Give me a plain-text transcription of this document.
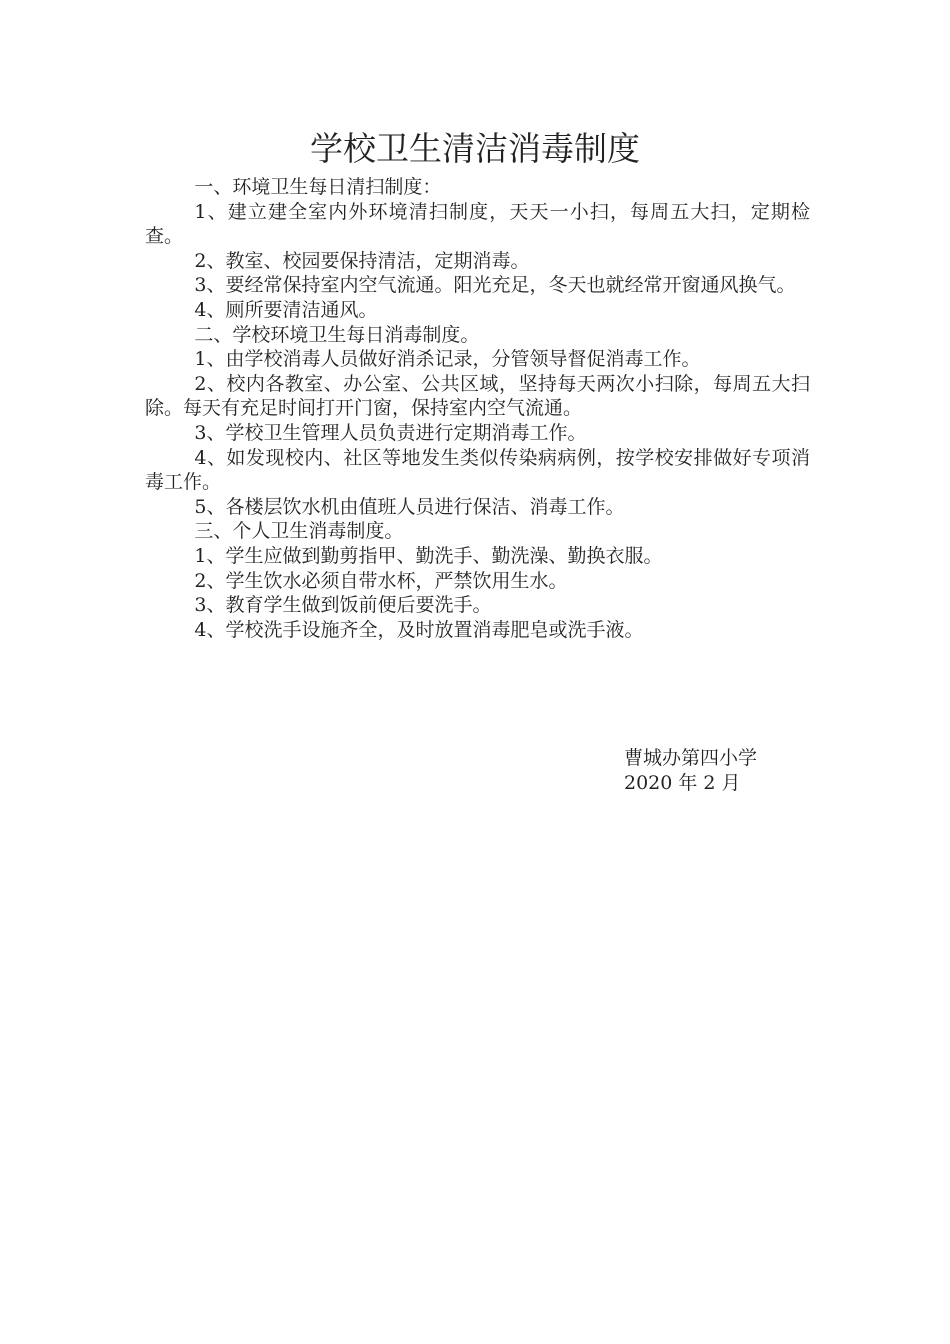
学校卫生清洁消毒制度

一、环境卫生每日清扫制度：

1、建立建全室内外环境清扫制度，天天一小扫，每周五大扫，定期检查。

2、教室、校园要保持清洁，定期消毒。

3、要经常保持室内空气流通。阳光充足，冬天也就经常开窗通风换气。

4、厕所要清洁通风。

二、学校环境卫生每日消毒制度。

1、由学校消毒人员做好消杀记录，分管领导督促消毒工作。

2、校内各教室、办公室、公共区域，坚持每天两次小扫除，每周五大扫除。每天有充足时间打开门窗，保持室内空气流通。

3、学校卫生管理人员负责进行定期消毒工作。

4、如发现校内、社区等地发生类似传染病病例，按学校安排做好专项消毒工作。

5、各楼层饮水机由值班人员进行保洁、消毒工作。

三、个人卫生消毒制度。

1、学生应做到勤剪指甲、勤洗手、勤洗澡、勤换衣服。

2、学生饮水必须自带水杯，严禁饮用生水。

3、教育学生做到饭前便后要洗手。

4、学校洗手设施齐全，及时放置消毒肥皂或洗手液。

曹城办第四小学
2020 年 2 月
